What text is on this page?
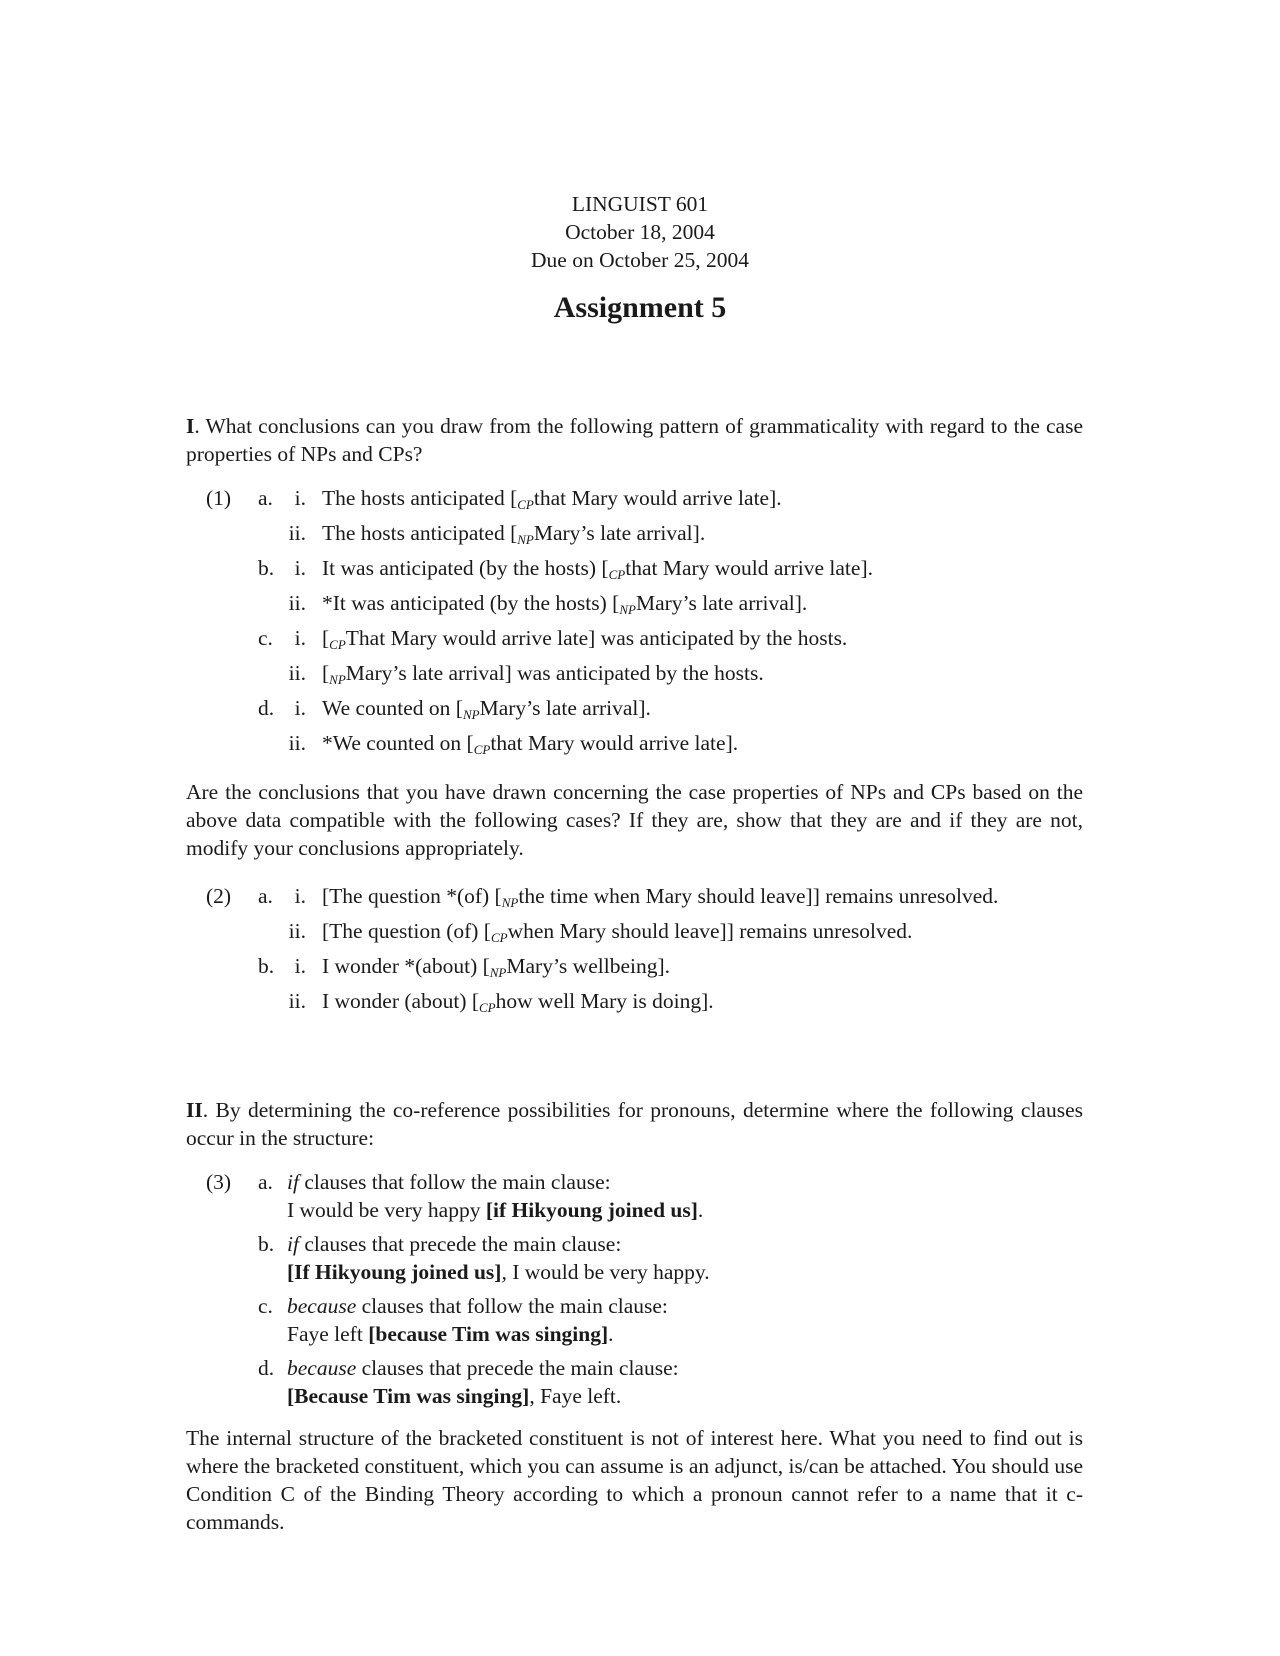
LINGUIST 601
October 18, 2004
Due on October 25, 2004
Assignment 5
I. What conclusions can you draw from the following pattern of grammaticality with regard to the case properties of NPs and CPs?
(1) a.	i. The hosts anticipated [$_{CP}that$ Mary would arrive late].
ii. The hosts anticipated [$_{NP}Mary’s$ late arrival].
b. i. It was anticipated (by the hosts) [$_{CP}that$ Mary would arrive late].
ii. *It was anticipated (by the hosts) [$_{NP}Mary’s$ late arrival].
c.	i. [$_{CP}That$ Mary would arrive late] was anticipated by the hosts.
ii. [$_{NP}Mary’s$ late arrival] was anticipated by the hosts.
d. i. We counted on [$_{NP}Mary’s$ late arrival].
ii. *We counted on [$_{CP}that$ Mary would arrive late].
Are the conclusions that you have drawn concerning the case properties of NPs and CPs based on the above data compatible with the following cases? If they are, show that they are and if they are not, modify your conclusions appropriately.
(2) a.	i. [The question *(of) [$_{NP}the$ time when Mary should leave]] remains unresolved.
ii. [The question (of) [$_{CP}when$ Mary should leave]] remains unresolved.
b. i. I wonder *(about) [$_{NP}Mary’s$ wellbeing].
ii. I wonder (about) [$_{CP}how$ well Mary is doing].
II. By determining the co-reference possibilities for pronouns, determine where the following clauses occur in the structure:
(3) a. if clauses that follow the main clause:
I would be very happy [if Hikyoung joined us].
b. if clauses that precede the main clause:
[If Hikyoung joined us], I would be very happy.
c. because clauses that follow the main clause:
Faye left [because Tim was singing].
d. because clauses that precede the main clause:
[Because Tim was singing], Faye left.
The internal structure of the bracketed constituent is not of interest here. What you need to find out is where the bracketed constituent, which you can assume is an adjunct, is/can be attached. You should use Condition C of the Binding Theory according to which a pronoun cannot refer to a name that it c-commands.
